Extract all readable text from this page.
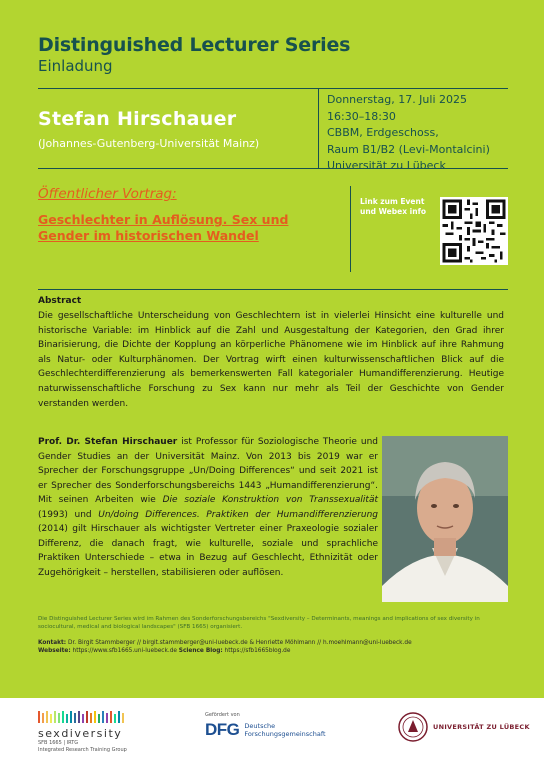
Distinguished Lecturer Series
Einladung
Stefan Hirschauer
(Johannes-Gutenberg-Universität Mainz)
Donnerstag, 17. Juli 2025
16:30–18:30
CBBM, Erdgeschoss,
Raum B1/B2 (Levi-Montalcini)
Universität zu Lübeck
Öffentlicher Vortrag:
Geschlechter in Auflösung. Sex und Gender im historischen Wandel
Link zum Event und Webex info
Abstract
Die gesellschaftliche Unterscheidung von Geschlechtern ist in vielerlei Hinsicht eine kulturelle und historische Variable: im Hinblick auf die Zahl und Ausgestaltung der Kategorien, den Grad ihrer Binarisierung, die Dichte der Kopplung an körperliche Phänomene wie im Hinblick auf ihre Rahmung als Natur- oder Kulturphänomen. Der Vortrag wirft einen kulturwissenschaftlichen Blick auf die Geschlechterdifferenzierung als bemerkenswerten Fall kategorialer Humandifferenzierung. Heutige naturwissenschaftliche Forschung zu Sex kann nur mehr als Teil der Geschichte von Gender verstanden werden.
Prof. Dr. Stefan Hirschauer ist Professor für Soziologische Theorie und Gender Studies an der Universität Mainz. Von 2013 bis 2019 war er Sprecher der Forschungsgruppe „Un/Doing Differences“ und seit 2021 ist er Sprecher des Sonderforschungsbereichs 1443 „Humandifferenzierung“. Mit seinen Arbeiten wie Die soziale Konstruktion von Transsexualität (1993) und Un/doing Differences. Praktiken der Humandifferenzierung (2014) gilt Hirschauer als wichtigster Vertreter einer Praxeologie sozialer Differenz, die danach fragt, wie kulturelle, soziale und sprachliche Praktiken Unterschiede – etwa in Bezug auf Geschlecht, Ethnizität oder Zugehörigkeit – herstellen, stabilisieren oder auflösen.
Die Distinguished Lecturer Series wird im Rahmen des Sonderforschungsbereichs "Sexdiversity – Determinants, meanings and implications of sex diversity in sociocultural, medical and biological landscapes" (SFB 1665) organisiert.
Kontakt: Dr. Birgit Stammberger // birgit.stammberger@uni-luebeck.de & Henriette Möhlmann // h.moehlmann@uni-luebeck.de
Webseite: https://www.sfb1665.uni-luebeck.de Science Blog: https://sfb1665blog.de
sexdiversity
SFB 1665 | IRTG
Integrated Research Training Group
Gefördert von
DFG Deutsche
Forschungsgemeinschaft
UNIVERSITÄT ZU LÜBECK
